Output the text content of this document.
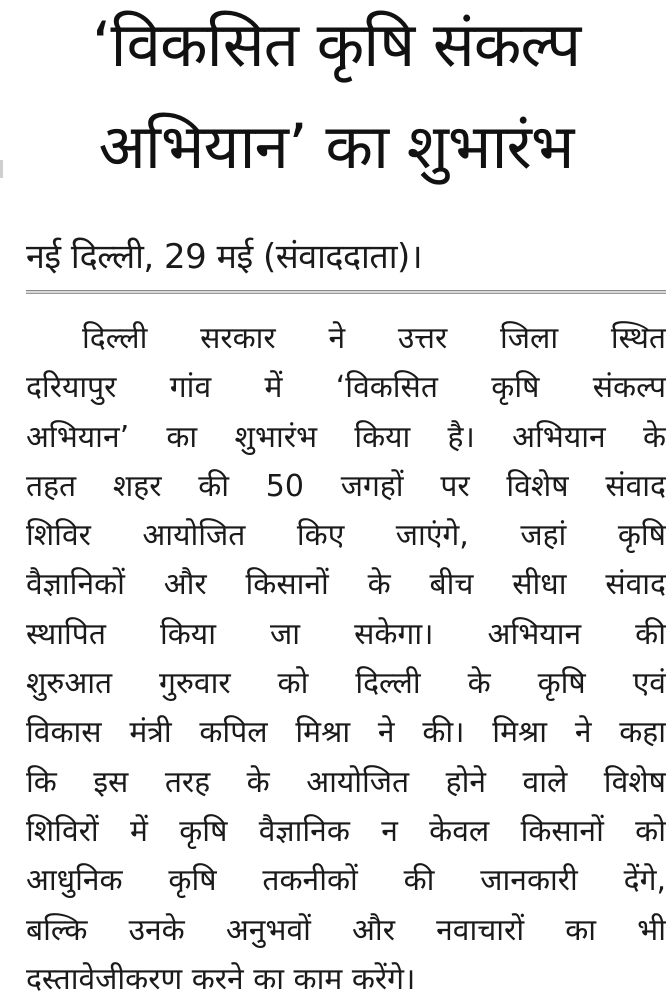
‘विकसित कृषि संकल्प
अभियान’ का शुभारंभ
नई दिल्ली, 29 मई (संवाददाता)।
दिल्ली सरकार ने उत्तर जिला स्थित
दरियापुर गांव में ‘विकसित कृषि संकल्प
अभियान’ का शुभारंभ किया है। अभियान के
तहत शहर की 50 जगहों पर विशेष संवाद
शिविर आयोजित किए जाएंगे, जहां कृषि
वैज्ञानिकों और किसानों के बीच सीधा संवाद
स्थापित किया जा सकेगा। अभियान की
शुरुआत गुरुवार को दिल्ली के कृषि एवं
विकास मंत्री कपिल मिश्रा ने की। मिश्रा ने कहा
कि इस तरह के आयोजित होने वाले विशेष
शिविरों में कृषि वैज्ञानिक न केवल किसानों को
आधुनिक कृषि तकनीकों की जानकारी देंगे,
बल्कि उनके अनुभवों और नवाचारों का भी
दस्तावेजीकरण करने का काम करेंगे।
